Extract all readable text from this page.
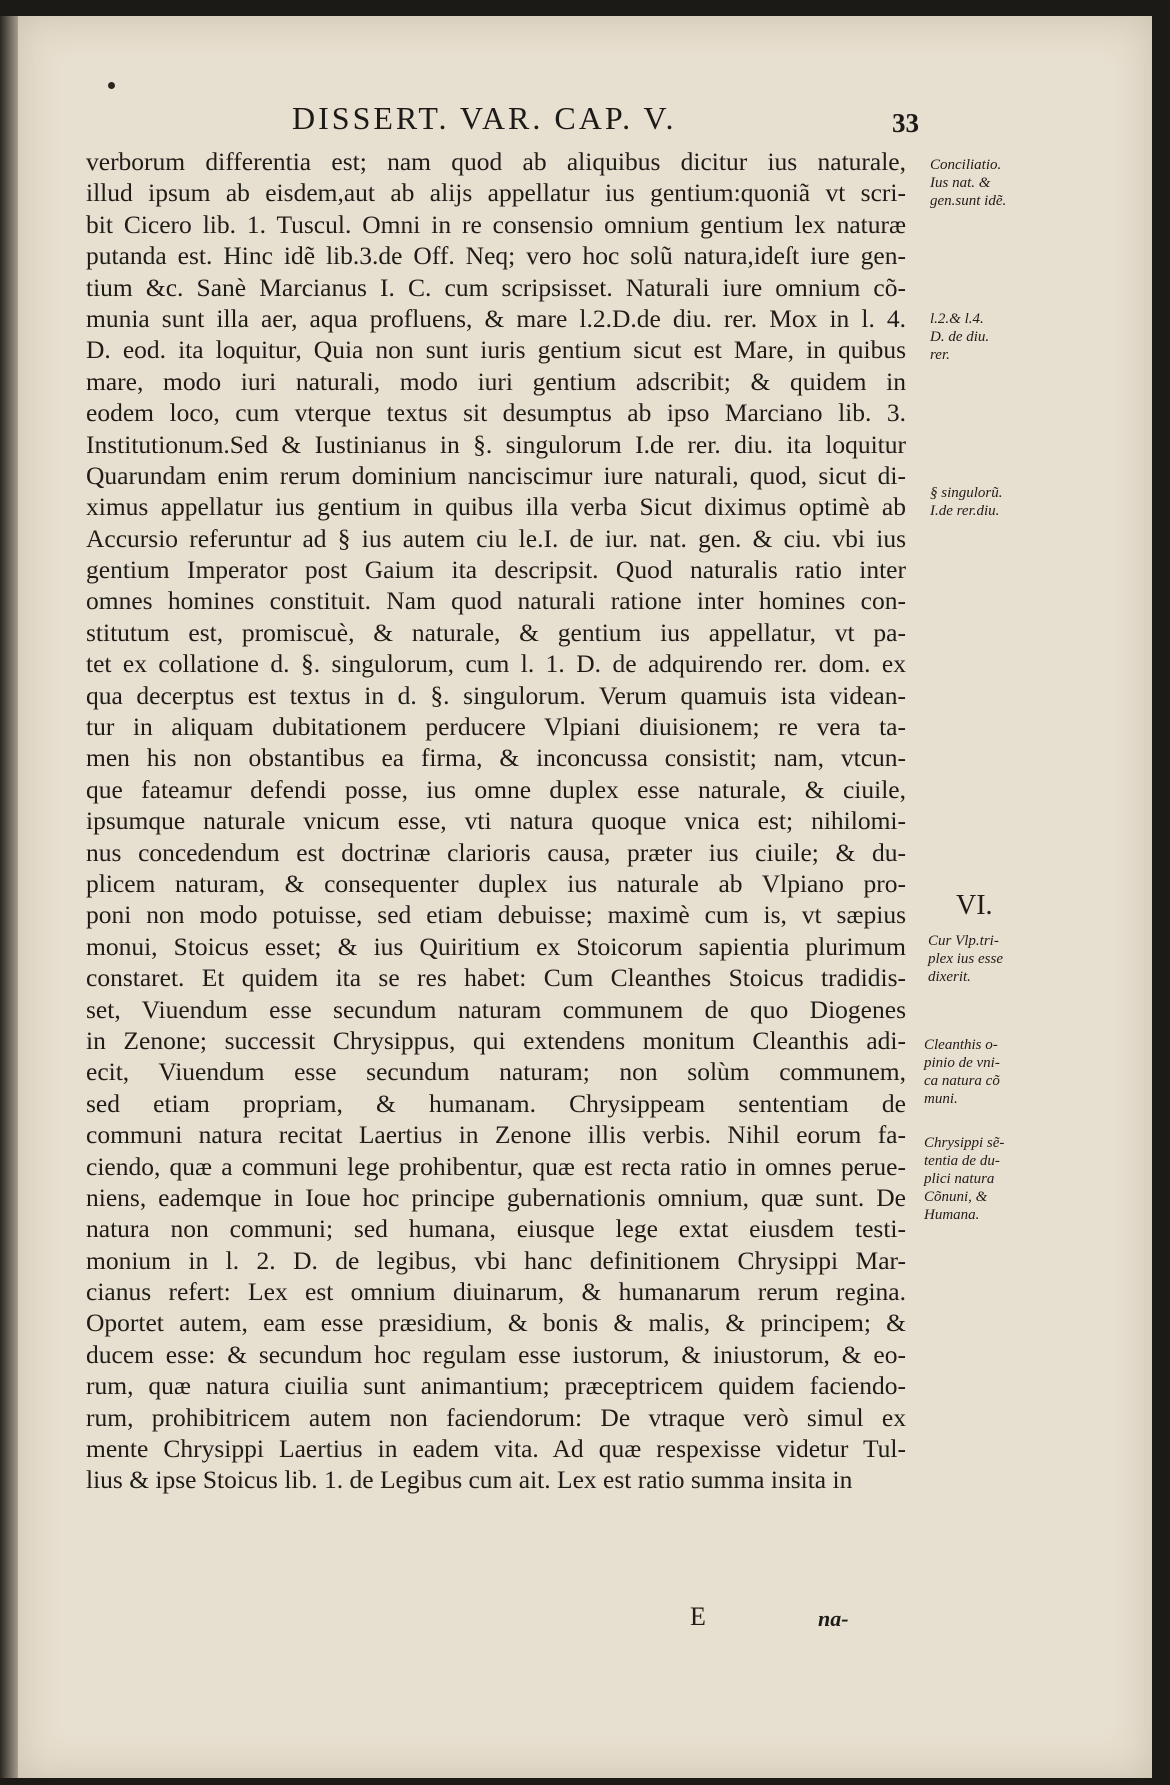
DISSERT. VAR. CAP. V.	33
verborum differentia est; nam quod ab aliquibus dicitur ius naturale,
illud ipsum ab eisdem,aut ab alijs appellatur ius gentium:quoniã vt scri-
bit Cicero lib. 1. Tuscul. Omni in re consensio omnium gentium lex naturæ
putanda est. Hinc idẽ lib.3.de Off. Neq; vero hoc solũ natura,ideſt iure gen-
tium &c. Sanè Marcianus I. C. cum scripsisset. Naturali iure omnium cõ-
munia sunt illa aer, aqua profluens, & mare l.2.D.de diu. rer. Mox in l. 4.
D. eod. ita loquitur, Quia non sunt iuris gentium sicut est Mare, in quibus
mare, modo iuri naturali, modo iuri gentium adscribit; & quidem in
eodem loco, cum vterque textus sit desumptus ab ipso Marciano lib. 3.
Institutionum.Sed & Iustinianus in §. singulorum I.de rer. diu. ita loquitur
Quarundam enim rerum dominium nanciscimur iure naturali, quod, sicut di-
ximus appellatur ius gentium in quibus illa verba Sicut diximus optimè ab
Accursio referuntur ad § ius autem ciu le.I. de iur. nat. gen. & ciu. vbi ius
gentium Imperator post Gaium ita descripsit. Quod naturalis ratio inter
omnes homines constituit. Nam quod naturali ratione inter homines con-
stitutum est, promiscuè, & naturale, & gentium ius appellatur, vt pa-
tet ex collatione d. §. singulorum, cum l. 1. D. de adquirendo rer. dom. ex
qua decerptus est textus in d. §. singulorum. Verum quamuis ista videan-
tur in aliquam dubitationem perducere Vlpiani diuisionem; re vera ta-
men his non obstantibus ea firma, & inconcussa consistit; nam, vtcun-
que fateamur defendi posse, ius omne duplex esse naturale, & ciuile,
ipsumque naturale vnicum esse, vti natura quoque vnica est; nihilomi-
nus concedendum est doctrinæ clarioris causa, præter ius ciuile; & du-
plicem naturam, & consequenter duplex ius naturale ab Vlpiano pro-
poni non modo potuisse, sed etiam debuisse; maximè cum is, vt sæpius
monui, Stoicus esset; & ius Quiritium ex Stoicorum sapientia plurimum
constaret. Et quidem ita se res habet: Cum Cleanthes Stoicus tradidis-
set, Viuendum esse secundum naturam communem de quo Diogenes
in Zenone; successit Chrysippus, qui extendens monitum Cleanthis adi-
ecit, Viuendum esse secundum naturam; non solùm communem,
sed etiam propriam, & humanam. Chrysippeam sententiam de
communi natura recitat Laertius in Zenone illis verbis. Nihil eorum fa-
ciendo, quæ a communi lege prohibentur, quæ est recta ratio in omnes perue-
niens, eademque in Ioue hoc principe gubernationis omnium, quæ sunt. De
natura non communi; sed humana, eiusque lege extat eiusdem testi-
monium in l. 2. D. de legibus, vbi hanc definitionem Chrysippi Mar-
cianus refert: Lex est omnium diuinarum, & humanarum rerum regina.
Oportet autem, eam esse præsidium, & bonis & malis, & principem; &
ducem esse: & secundum hoc regulam esse iustorum, & iniustorum, & eo-
rum, quæ natura ciuilia sunt animantium; præceptricem quidem faciendo-
rum, prohibitricem autem non faciendorum: De vtraque verò simul ex
mente Chrysippi Laertius in eadem vita. Ad quæ respexisse videtur Tul-
lius & ipse Stoicus lib. 1. de Legibus cum ait. Lex est ratio summa insita in
Conciliatio.
Ius nat. &
gen.sunt idẽ.
l.2.& l.4.
D. de diu.
rer.
§ singulorũ.
I.de rer.diu.
VI.
Cur Vlp.tri-
plex ius esse
dixerit.
Cleanthis o-
pinio de vni-
ca natura cõ
muni.
Chrysippi sẽ-
tentia de du-
plici natura
Cõnuni, &
Humana.
E	na-
